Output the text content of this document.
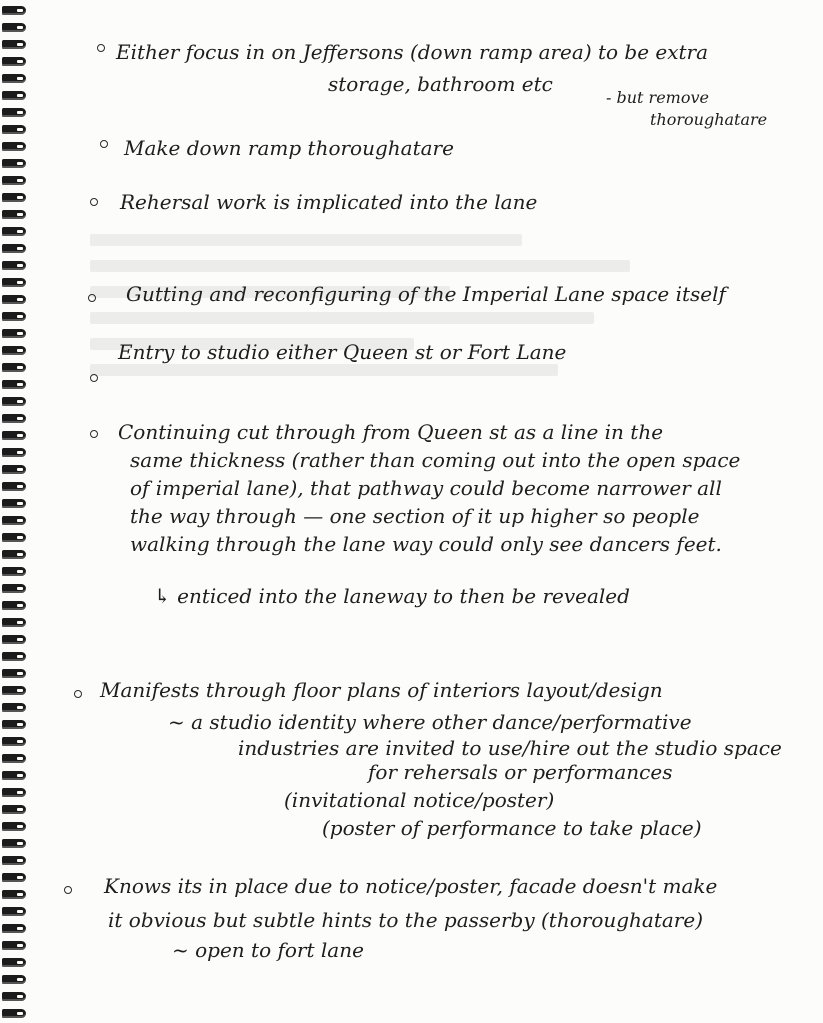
Either focus in on Jeffersons (down ramp area) to be extra
storage, bathroom etc
- but remove
thoroughatare
Make down ramp thoroughatare
Rehersal work is implicated into the lane
Gutting and reconfiguring of the Imperial Lane space itself
Entry to studio either Queen st or Fort Lane
Continuing cut through from Queen st as a line in the
same thickness (rather than coming out into the open space
of imperial lane), that pathway could become narrower all
the way through — one section of it up higher so people
walking through the lane way could only see dancers feet.
↳ enticed into the laneway to then be revealed
Manifests through floor plans of interiors layout/design
~ a studio identity where other dance/performative
industries are invited to use/hire out the studio space
for rehersals or performances
(invitational notice/poster)
(poster of performance to take place)
Knows its in place due to notice/poster, facade doesn't make
it obvious but subtle hints to the passerby (thoroughatare)
~ open to fort lane
